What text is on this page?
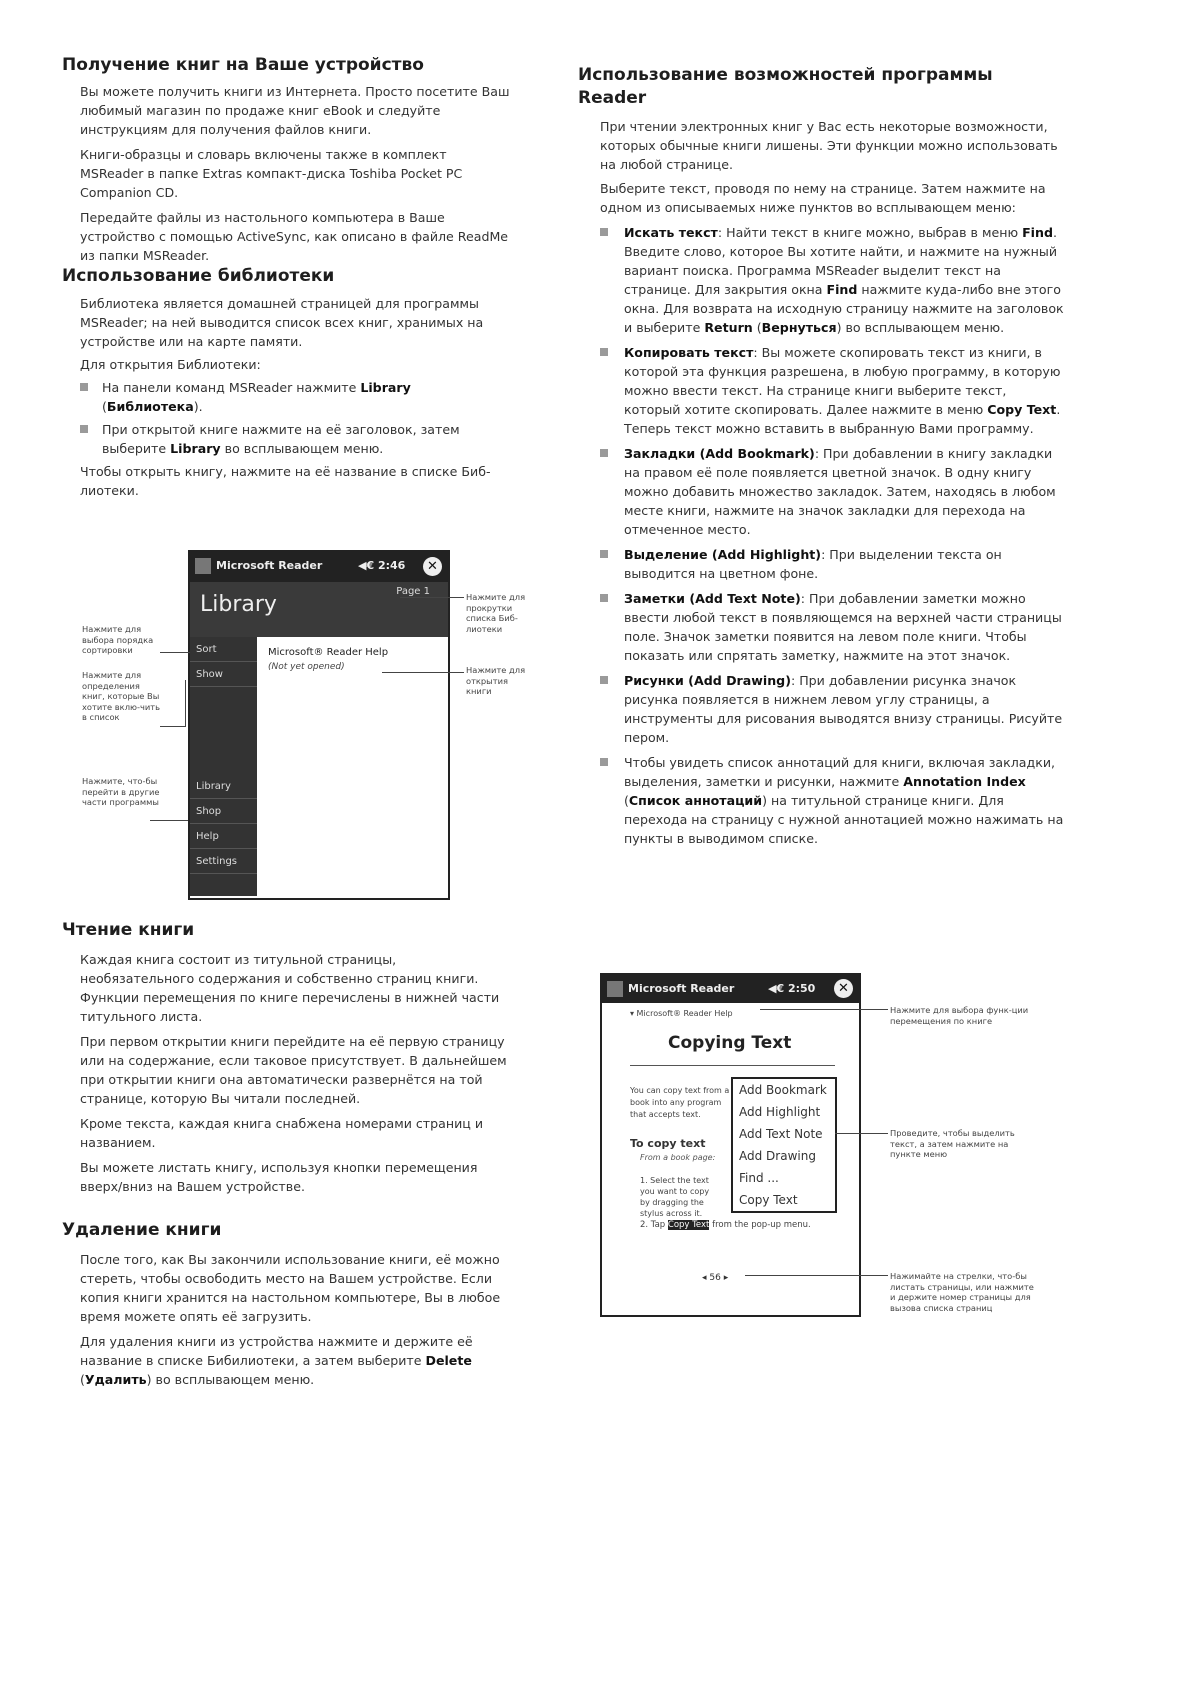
Получение книг на Ваше устройство

Вы можете получить книги из Интернета. Просто посетите Ваш любимый магазин по продаже книг eBook и следуйте инструкциям для получения файлов книги.

Книги-образцы и словарь включены также в комплект MSReader в папке Extras компакт-диска Toshiba Pocket PC Companion CD.

Передайте файлы из настольного компьютера в Ваше устройство с помощью ActiveSync, как описано в файле ReadMe из папки MSReader.

Использование библиотеки

Библиотека является домашней страницей для программы MSReader; на ней выводится список всех книг, хранимых на устройстве или на карте памяти.

Для открытия Библиотеки:

На панели команд MSReader нажмите Library (Библиотека).
При открытой книге нажмите на её заголовок, затем выберите Library во всплывающем меню.

Чтобы открыть книгу, нажмите на её название в списке Биб-лиотеки.

Чтение книги

Каждая книга состоит из титульной страницы, необязательного содержания и собственно страниц книги. Функции перемещения по книге перечислены в нижней части титульного листа.

При первом открытии книги перейдите на её первую страницу или на содержание, если таковое присутствует. В дальнейшем при открытии книги она автоматически развернётся на той странице, которую Вы читали последней.

Кроме текста, каждая книга снабжена номерами страниц и названием.

Вы можете листать книгу, используя кнопки перемещения вверх/вниз на Вашем устройстве.

Удаление книги

После того, как Вы закончили использование книги, её можно стереть, чтобы освободить место на Вашем устройстве. Если копия книги хранится на настольном компьютере, Вы в любое время можете опять её загрузить.

Для удаления книги из устройства нажмите и держите её название в списке Бибилиотеки, а затем выберите Delete (Удалить) во всплывающем меню.

Microsoft Reader	◀€ 2:46	✕
Library
Page 1
Sort
Show
Library
Shop
Help
Settings
Microsoft® Reader Help
(Not yet opened)
Нажмите для выбора порядка сортировки
Нажмите для определения книг, которые Вы хотите вклю-чить в список
Нажмите, что-бы перейти в другие части программы
Нажмите для прокрутки списка Биб-лиотеки
Нажмите для открытия книги
Использование возможностей программы Reader

При чтении электронных книг у Вас есть некоторые возможности, которых обычные книги лишены. Эти функции можно использовать на любой странице.

Выберите текст, проводя по нему на странице. Затем нажмите на одном из описываемых ниже пунктов во всплывающем меню:

Искать текст: Найти текст в книге можно, выбрав в меню Find. Введите слово, которое Вы хотите найти, и нажмите на нужный вариант поиска. Программа MSReader выделит текст на странице. Для закрытия окна Find нажмите куда-либо вне этого окна. Для возврата на исходную страницу нажмите на заголовок и выберите Return (Вернуться) во всплывающем меню.
Копировать текст: Вы можете скопировать текст из книги, в которой эта функция разрешена, в любую программу, в которую можно ввести текст. На странице книги выберите текст, который хотите скопировать. Далее нажмите в меню Copy Text. Теперь текст можно вставить в выбранную Вами программу.
Закладки (Add Bookmark): При добавлении в книгу закладки на правом её поле появляется цветной значок. В одну книгу можно добавить множество закладок. Затем, находясь в любом месте книги, нажмите на значок закладки для перехода на отмеченное место.
Выделение (Add Highlight): При выделении текста он выводится на цветном фоне.
Заметки (Add Text Note): При добавлении заметки можно ввести любой текст в появляющемся на верхней части страницы поле. Значок заметки появится на левом поле книги. Чтобы показать или спрятать заметку, нажмите на этот значок.
Рисунки (Add Drawing): При добавлении рисунка значок рисунка появляется в нижнем левом углу страницы, а инструменты для рисования выводятся внизу страницы. Рисуйте пером.
Чтобы увидеть список аннотаций для книги, включая закладки, выделения, заметки и рисунки, нажмите Annotation Index (Список аннотаций) на титульной странице книги. Для перехода на страницу с нужной аннотацией можно нажимать на пункты в выводимом списке.
Microsoft Reader	◀€ 2:50	✕
▾ Microsoft® Reader Help
Copying Text
You can copy text from a book into any program that accepts text.
To copy text
From a book page:
1. Select the text you want to copy by dragging the stylus across it.
2. Tap Copy Text from the pop-up menu.
◂ 56 ▸
Add Bookmark
Add Highlight
Add Text Note
Add Drawing
Find ...
Copy Text
Нажмите для выбора функ-ции перемещения по книге
Проведите, чтобы выделить текст, а затем нажмите на пункте меню
Нажимайте на стрелки, что-бы листать страницы, или нажмите и держите номер страницы для вызова списка страниц
